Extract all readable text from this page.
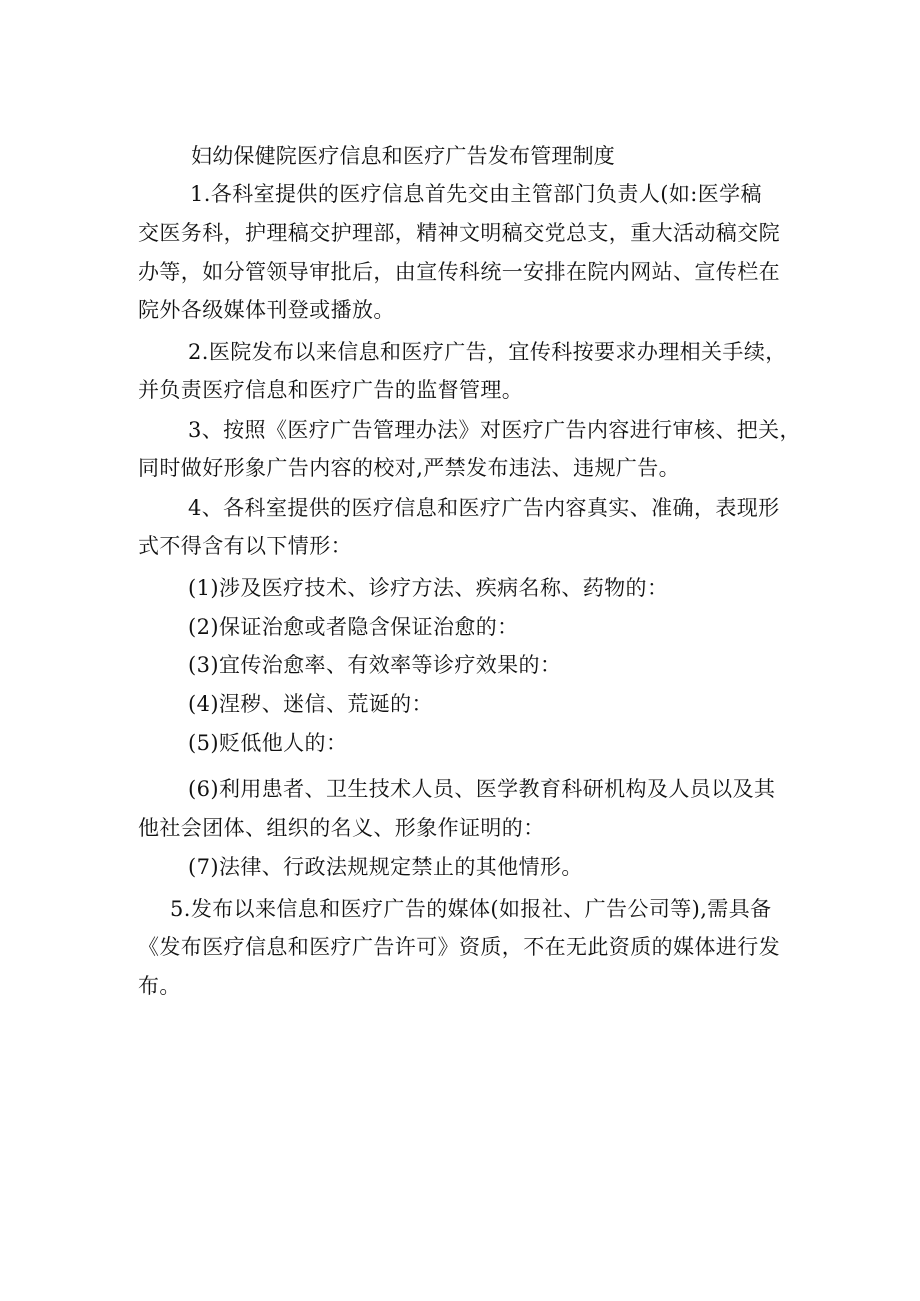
妇幼保健院医疗信息和医疗广告发布管理制度
1.各科室提供的医疗信息首先交由主管部门负责人(如:医学稿
交医务科，护理稿交护理部，精神文明稿交党总支，重大活动稿交院
办等，如分管领导审批后，由宣传科统一安排在院内网站、宣传栏在
院外各级媒体刊登或播放。
2.医院发布以来信息和医疗广告，宜传科按要求办理相关手续，
并负责医疗信息和医疗广告的监督管理。
3、按照《医疗广告管理办法》对医疗广告内容进行审核、把关，
同时做好形象广告内容的校对,严禁发布违法、违规广告。
4、各科室提供的医疗信息和医疗广告内容真实、准确，表现形
式不得含有以下情形：
(1)涉及医疗技术、诊疗方法、疾病名称、药物的：
(2)保证治愈或者隐含保证治愈的：
(3)宜传治愈率、有效率等诊疗效果的：
(4)涅秽、迷信、荒诞的：
(5)贬低他人的：
(6)利用患者、卫生技术人员、医学教育科研机构及人员以及其
他社会团体、组织的名义、形象作证明的：
(7)法律、行政法规规定禁止的其他情形。
5.发布以来信息和医疗广告的媒体(如报社、广告公司等),需具备
《发布医疗信息和医疗广告许可》资质，不在无此资质的媒体进行发
布。
